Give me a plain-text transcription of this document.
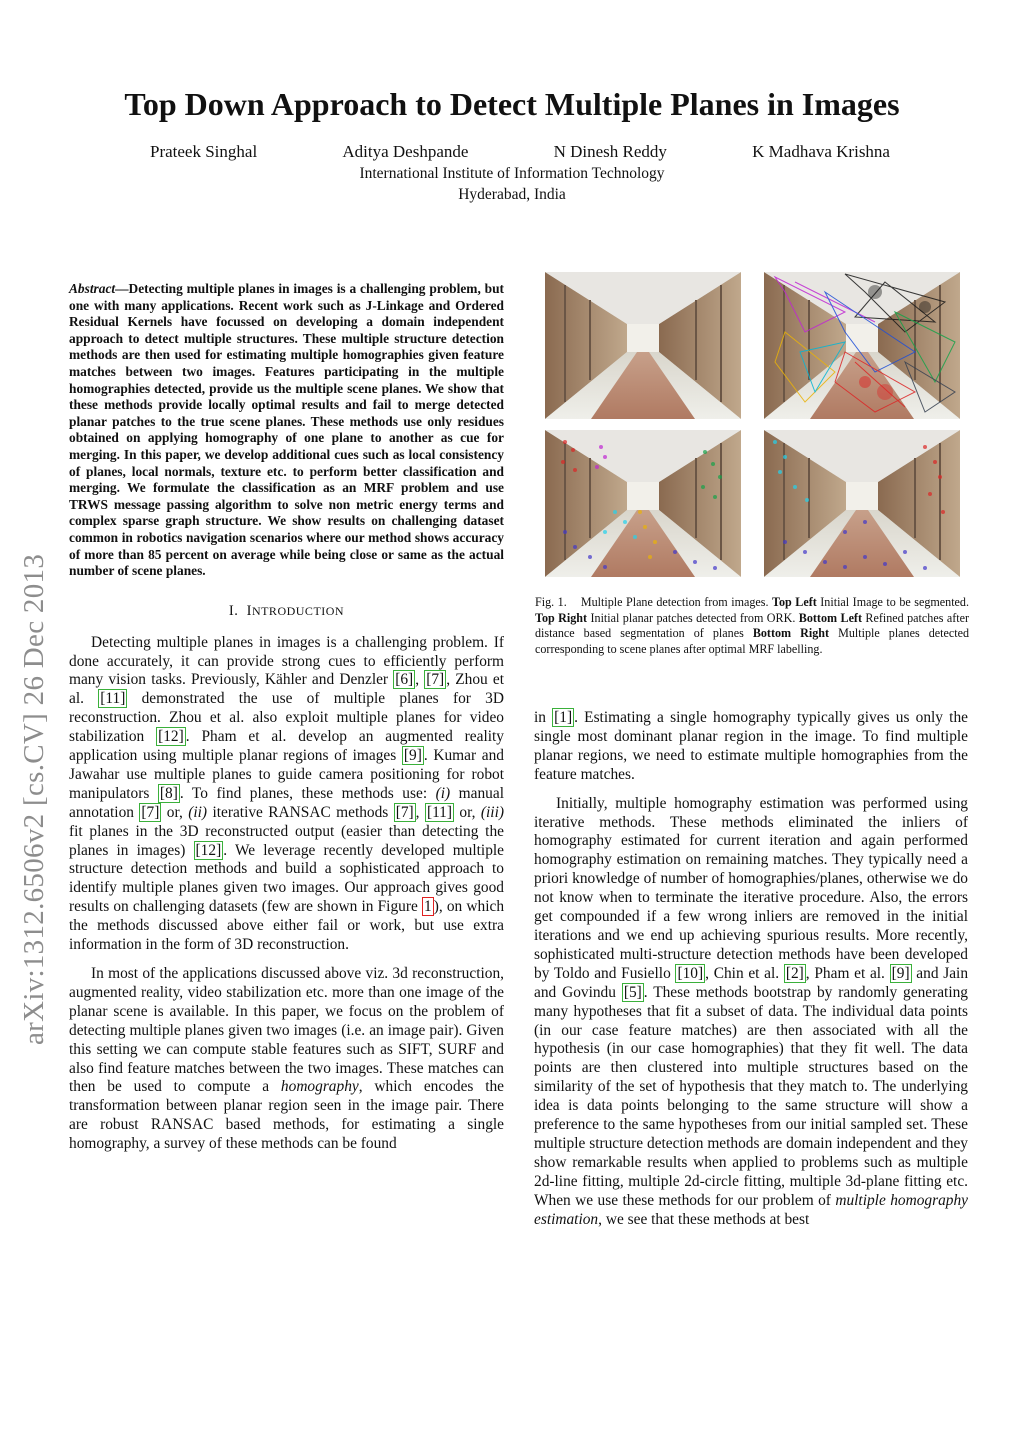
arXiv:1312.6506v2 [cs.CV] 26 Dec 2013
Top Down Approach to Detect Multiple Planes in Images
Prateek Singhal	Aditya Deshpande	N Dinesh Reddy	K Madhava Krishna
International Institute of Information Technology
Hyderabad, India

Abstract—Detecting multiple planes in images is a challenging problem, but one with many applications. Recent work such as J-Linkage and Ordered Residual Kernels have focussed on developing a domain independent approach to detect multiple structures. These multiple structure detection methods are then used for estimating multiple homographies given feature matches between two images. Features participating in the multiple homographies detected, provide us the multiple scene planes. We show that these methods provide locally optimal results and fail to merge detected planar patches to the true scene planes. These methods use only residues obtained on applying homography of one plane to another as cue for merging. In this paper, we develop additional cues such as local consistency of planes, local normals, texture etc. to perform better classification and merging. We formulate the classification as an MRF problem and use TRWS message passing algorithm to solve non metric energy terms and complex sparse graph structure. We show results on challenging dataset common in robotics navigation scenarios where our method shows accuracy of more than 85 percent on average while being close or same as the actual number of scene planes.

I. INTRODUCTION

Detecting multiple planes in images is a challenging problem. If done accurately, it can provide strong cues to efficiently perform many vision tasks. Previously, Kähler and Denzler [6] , [7] , Zhou et al. [11] demonstrated the use of multiple planes for 3D reconstruction. Zhou et al. also exploit multiple planes for video stabilization [12] . Pham et al. develop an augmented reality application using multiple planar regions of images [9] . Kumar and Jawahar use multiple planes to guide camera positioning for robot manipulators [8] . To find planes, these methods use: (i) manual annotation [7] or, (ii) iterative RANSAC methods [7] , [11] or, (iii) fit planes in the 3D reconstructed output (easier than detecting the planes in images) [12] . We leverage recently developed multiple structure detection methods and build a sophisticated approach to identify multiple planes given two images. Our approach gives good results on challenging datasets (few are shown in Figure 1 ), on which the methods discussed above either fail or work, but use extra information in the form of 3D reconstruction.

In most of the applications discussed above viz. 3d reconstruction, augmented reality, video stabilization etc. more than one image of the planar scene is available. In this paper, we focus on the problem of detecting multiple planes given two images (i.e. an image pair). Given this setting we can compute stable features such as SIFT, SURF and also find feature matches between the two images. These matches can then be used to compute a homography, which encodes the transformation between planar region seen in the image pair. There are robust RANSAC based methods, for estimating a single homography, a survey of these methods can be found

Fig. 1. Multiple Plane detection from images. Top Left Initial Image to be segmented. Top Right Initial planar patches detected from ORK. Bottom Left Refined patches after distance based segmentation of planes Bottom Right Multiple planes detected corresponding to scene planes after optimal MRF labelling.

in [1] . Estimating a single homography typically gives us only the single most dominant planar region in the image. To find multiple planar regions, we need to estimate multiple homographies from the feature matches.

Initially, multiple homography estimation was performed using iterative methods. These methods eliminated the inliers of homography estimated for current iteration and again performed homography estimation on remaining matches. They typically need a priori knowledge of number of homographies/planes, otherwise we do not know when to terminate the iterative procedure. Also, the errors get compounded if a few wrong inliers are removed in the initial iterations and we end up achieving spurious results. More recently, sophisticated multi-structure detection methods have been developed by Toldo and Fusiello [10] , Chin et al. [2] , Pham et al. [9] and Jain and Govindu [5] . These methods bootstrap by randomly generating many hypotheses that fit a subset of data. The individual data points (in our case feature matches) are then associated with all the hypothesis (in our case homographies) that they fit well. The data points are then clustered into multiple structures based on the similarity of the set of hypothesis that they match to. The underlying idea is data points belonging to the same structure will show a preference to the same hypotheses from our initial sampled set. These multiple structure detection methods are domain independent and they show remarkable results when applied to problems such as multiple 2d-line fitting, multiple 2d-circle fitting, multiple 3d-plane fitting etc. When we use these methods for our problem of multiple homography estimation, we see that these methods at best
